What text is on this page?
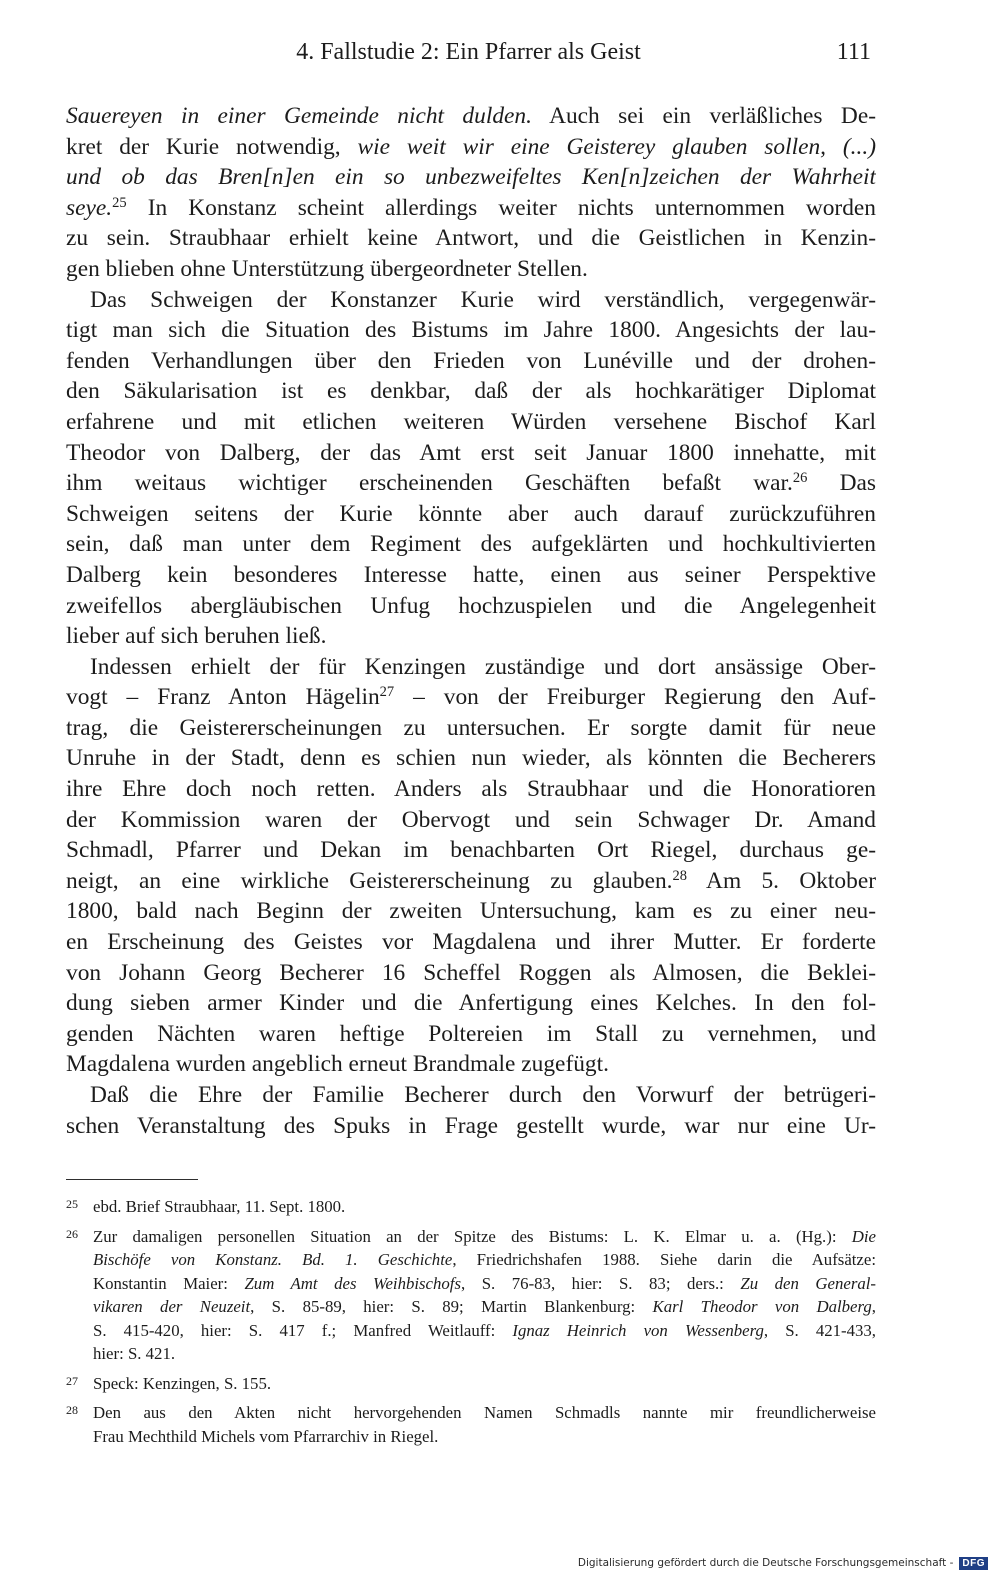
4. Fallstudie 2: Ein Pfarrer als Geist	111
Sauereyen in einer Gemeinde nicht dulden. Auch sei ein verläßliches De-
kret der Kurie notwendig, wie weit wir eine Geisterey glauben sollen, (...)
und ob das Bren[n]en ein so unbezweifeltes Ken[n]zeichen der Wahrheit
seye.$^{25}$ In Konstanz scheint allerdings weiter nichts unternommen worden
zu sein. Straubhaar erhielt keine Antwort, und die Geistlichen in Kenzin-
gen blieben ohne Unterstützung übergeordneter Stellen.
Das Schweigen der Konstanzer Kurie wird verständlich, vergegenwär-
tigt man sich die Situation des Bistums im Jahre 1800. Angesichts der lau-
fenden Verhandlungen über den Frieden von Lunéville und der drohen-
den Säkularisation ist es denkbar, daß der als hochkarätiger Diplomat
erfahrene und mit etlichen weiteren Würden versehene Bischof Karl
Theodor von Dalberg, der das Amt erst seit Januar 1800 innehatte, mit
ihm weitaus wichtiger erscheinenden Geschäften befaßt war.$^{26}$ Das
Schweigen seitens der Kurie könnte aber auch darauf zurückzuführen
sein, daß man unter dem Regiment des aufgeklärten und hochkultivierten
Dalberg kein besonderes Interesse hatte, einen aus seiner Perspektive
zweifellos abergläubischen Unfug hochzuspielen und die Angelegenheit
lieber auf sich beruhen ließ.
Indessen erhielt der für Kenzingen zuständige und dort ansässige Ober-
vogt – Franz Anton Hägelin$^{27}$ – von der Freiburger Regierung den Auf-
trag, die Geistererscheinungen zu untersuchen. Er sorgte damit für neue
Unruhe in der Stadt, denn es schien nun wieder, als könnten die Becherers
ihre Ehre doch noch retten. Anders als Straubhaar und die Honoratioren
der Kommission waren der Obervogt und sein Schwager Dr. Amand
Schmadl, Pfarrer und Dekan im benachbarten Ort Riegel, durchaus ge-
neigt, an eine wirkliche Geistererscheinung zu glauben.$^{28}$ Am 5. Oktober
1800, bald nach Beginn der zweiten Untersuchung, kam es zu einer neu-
en Erscheinung des Geistes vor Magdalena und ihrer Mutter. Er forderte
von Johann Georg Becherer 16 Scheffel Roggen als Almosen, die Beklei-
dung sieben armer Kinder und die Anfertigung eines Kelches. In den fol-
genden Nächten waren heftige Poltereien im Stall zu vernehmen, und
Magdalena wurden angeblich erneut Brandmale zugefügt.
Daß die Ehre der Familie Becherer durch den Vorwurf der betrügeri-
schen Veranstaltung des Spuks in Frage gestellt wurde, war nur eine Ur-
25 ebd. Brief Straubhaar, 11. Sept. 1800.
26 Zur damaligen personellen Situation an der Spitze des Bistums: L. K. Elmar u. a. (Hg.): Die
Bischöfe von Konstanz. Bd. 1. Geschichte, Friedrichshafen 1988. Siehe darin die Aufsätze:
Konstantin Maier: Zum Amt des Weihbischofs, S. 76-83, hier: S. 83; ders.: Zu den General-
vikaren der Neuzeit, S. 85-89, hier: S. 89; Martin Blankenburg: Karl Theodor von Dalberg,
S. 415-420, hier: S. 417 f.; Manfred Weitlauff: Ignaz Heinrich von Wessenberg, S. 421-433,
hier: S. 421.
27 Speck: Kenzingen, S. 155.
28 Den aus den Akten nicht hervorgehenden Namen Schmadls nannte mir freundlicherweise
Frau Mechthild Michels vom Pfarrarchiv in Riegel.
Digitalisierung gefördert durch die Deutsche Forschungsgemeinschaft - DFG
